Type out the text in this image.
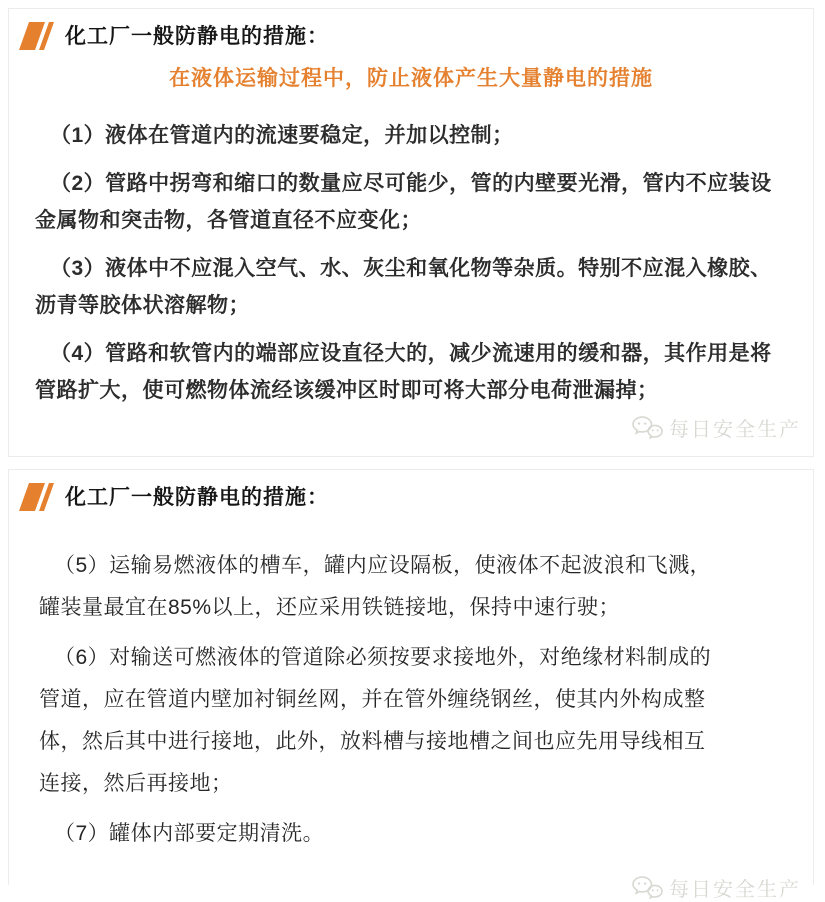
化工厂一般防静电的措施：
在液体运输过程中，防止液体产生大量静电的措施

（1）液体在管道内的流速要稳定，并加以控制；

（2）管路中拐弯和缩口的数量应尽可能少，管的内壁要光滑，管内不应装设
金属物和突击物，各管道直径不应变化；

（3）液体中不应混入空气、水、灰尘和氧化物等杂质。特别不应混入橡胶、
沥青等胶体状溶解物；

（4）管路和软管内的端部应设直径大的，减少流速用的缓和器，其作用是将
管路扩大，使可燃物体流经该缓冲区时即可将大部分电荷泄漏掉；

每日安全生产
化工厂一般防静电的措施：

（5）运输易燃液体的槽车，罐内应设隔板，使液体不起波浪和飞溅，
罐装量最宜在85%以上，还应采用铁链接地，保持中速行驶；

（6）对输送可燃液体的管道除必须按要求接地外，对绝缘材料制成的
管道，应在管道内壁加衬铜丝网，并在管外缠绕钢丝，使其内外构成整
体，然后其中进行接地，此外，放料槽与接地槽之间也应先用导线相互
连接，然后再接地；

（7）罐体内部要定期清洗。

每日安全生产
